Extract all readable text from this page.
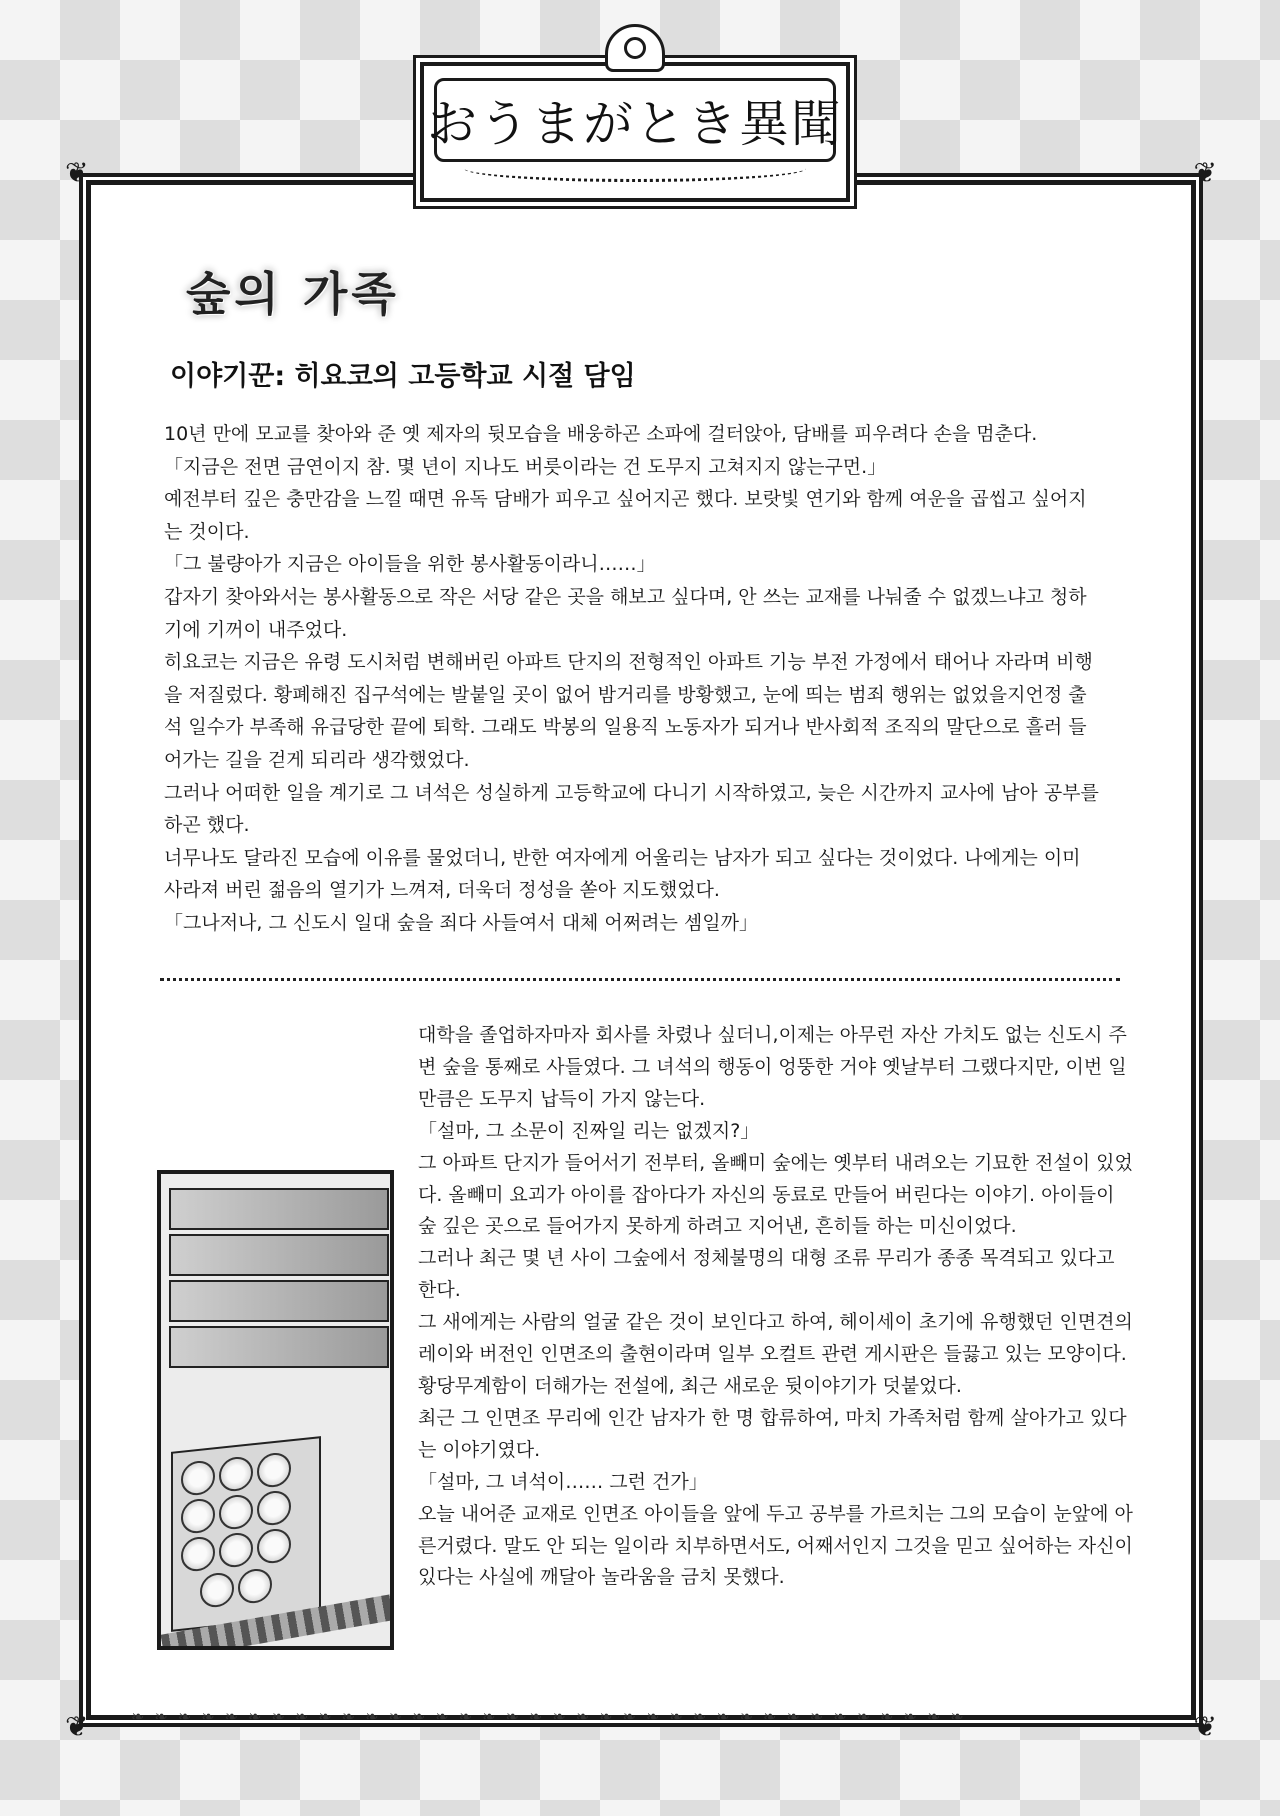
❦	❦
❦	❦
❧❧❧❧❧❧❧❧❧❧❧❧❧❧❧❧❧❧❧❧❧❧❧❧❧❧❧❧❧❧❧❧❧❧❧❧
おうまがとき異聞
숲의 가족
이야기꾼: 히요코의 고등학교 시절 담임

10년 만에 모교를 찾아와 준 옛 제자의 뒷모습을 배웅하곤 소파에 걸터앉아, 담배를 피우려다 손을 멈춘다.

「지금은 전면 금연이지 참. 몇 년이 지나도 버릇이라는 건 도무지 고쳐지지 않는구먼.」

예전부터 깊은 충만감을 느낄 때면 유독 담배가 피우고 싶어지곤 했다. 보랏빛 연기와 함께 여운을 곱씹고 싶어지는 것이다.

「그 불량아가 지금은 아이들을 위한 봉사활동이라니……」

갑자기 찾아와서는 봉사활동으로 작은 서당 같은 곳을 해보고 싶다며, 안 쓰는 교재를 나눠줄 수 없겠느냐고 청하기에 기꺼이 내주었다.

히요코는 지금은 유령 도시처럼 변해버린 아파트 단지의 전형적인 아파트 기능 부전 가정에서 태어나 자라며 비행을 저질렀다. 황폐해진 집구석에는 발붙일 곳이 없어 밤거리를 방황했고, 눈에 띄는 범죄 행위는 없었을지언정 출석 일수가 부족해 유급당한 끝에 퇴학. 그래도 박봉의 일용직 노동자가 되거나 반사회적 조직의 말단으로 흘러 들어가는 길을 걷게 되리라 생각했었다.

그러나 어떠한 일을 계기로 그 녀석은 성실하게 고등학교에 다니기 시작하였고, 늦은 시간까지 교사에 남아 공부를 하곤 했다.

너무나도 달라진 모습에 이유를 물었더니, 반한 여자에게 어울리는 남자가 되고 싶다는 것이었다. 나에게는 이미 사라져 버린 젊음의 열기가 느껴져, 더욱더 정성을 쏟아 지도했었다.

「그나저나, 그 신도시 일대 숲을 죄다 사들여서 대체 어쩌려는 셈일까」

대학을 졸업하자마자 회사를 차렸나 싶더니,이제는 아무런 자산 가치도 없는 신도시 주변 숲을 통째로 사들였다. 그 녀석의 행동이 엉뚱한 거야 옛날부터 그랬다지만, 이번 일만큼은 도무지 납득이 가지 않는다.

「설마, 그 소문이 진짜일 리는 없겠지?」

그 아파트 단지가 들어서기 전부터, 올빼미 숲에는 옛부터 내려오는 기묘한 전설이 있었다. 올빼미 요괴가 아이를 잡아다가 자신의 동료로 만들어 버린다는 이야기. 아이들이 숲 깊은 곳으로 들어가지 못하게 하려고 지어낸, 흔히들 하는 미신이었다.

그러나 최근 몇 년 사이 그숲에서 정체불명의 대형 조류 무리가 종종 목격되고 있다고 한다.

그 새에게는 사람의 얼굴 같은 것이 보인다고 하여, 헤이세이 초기에 유행했던 인면견의 레이와 버전인 인면조의 출현이라며 일부 오컬트 관련 게시판은 들끓고 있는 모양이다.

황당무계함이 더해가는 전설에, 최근 새로운 뒷이야기가 덧붙었다.

최근 그 인면조 무리에 인간 남자가 한 명 합류하여, 마치 가족처럼 함께 살아가고 있다는 이야기였다.

「설마, 그 녀석이…… 그런 건가」

오늘 내어준 교재로 인면조 아이들을 앞에 두고 공부를 가르치는 그의 모습이 눈앞에 아른거렸다. 말도 안 되는 일이라 치부하면서도, 어째서인지 그것을 믿고 싶어하는 자신이 있다는 사실에 깨달아 놀라움을 금치 못했다.
